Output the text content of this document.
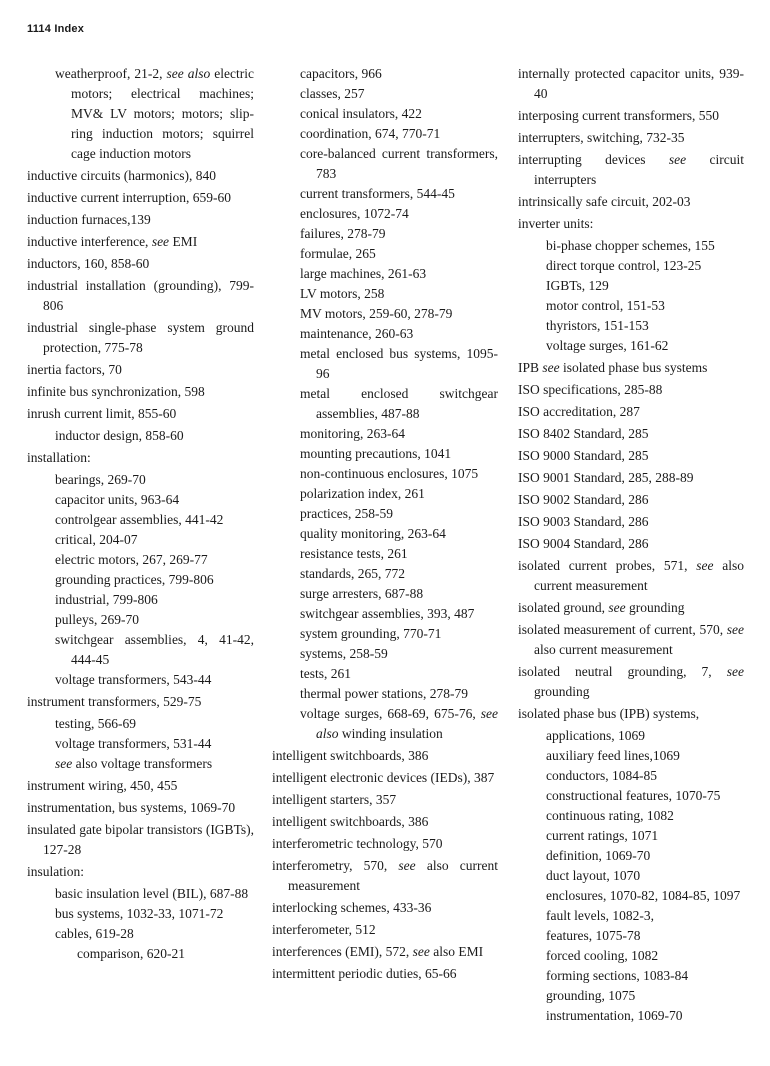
1114 Index
weatherproof, 21-2, see also electric motors; electrical machines; MV& LV motors; motors; slip-ring induction motors; squirrel cage induction motors
inductive circuits (harmonics), 840
inductive current interruption, 659-60
induction furnaces,139
inductive interference, see EMI
inductors, 160, 858-60
industrial installation (grounding), 799-806
industrial single-phase system ground protection, 775-78
inertia factors, 70
infinite bus synchronization, 598
inrush current limit, 855-60
inductor design, 858-60
installation:
bearings, 269-70
capacitor units, 963-64
controlgear assemblies, 441-42
critical, 204-07
electric motors, 267, 269-77
grounding practices, 799-806
industrial, 799-806
pulleys, 269-70
switchgear assemblies, 4, 41-42, 444-45
voltage transformers, 543-44
instrument transformers, 529-75
testing, 566-69
voltage transformers, 531-44
see also voltage transformers
instrument wiring, 450, 455
instrumentation, bus systems, 1069-70
insulated gate bipolar transistors (IGBTs), 127-28
insulation:
basic insulation level (BIL), 687-88
bus systems, 1032-33, 1071-72
cables, 619-28
comparison, 620-21
capacitors, 966
classes, 257
conical insulators, 422
coordination, 674, 770-71
core-balanced current transformers, 783
current transformers, 544-45
enclosures, 1072-74
failures, 278-79
formulae, 265
large machines, 261-63
LV motors, 258
MV motors, 259-60, 278-79
maintenance, 260-63
metal enclosed bus systems, 1095-96
metal enclosed switchgear assemblies, 487-88
monitoring, 263-64
mounting precautions, 1041
non-continuous enclosures, 1075
polarization index, 261
practices, 258-59
quality monitoring, 263-64
resistance tests, 261
standards, 265, 772
surge arresters, 687-88
switchgear assemblies, 393, 487
system grounding, 770-71
systems, 258-59
tests, 261
thermal power stations, 278-79
voltage surges, 668-69, 675-76, see also winding insulation
intelligent switchboards, 386
intelligent electronic devices (IEDs), 387
intelligent starters, 357
intelligent switchboards, 386
interferometric technology, 570
interferometry, 570, see also current measurement
interlocking schemes, 433-36
interferometer, 512
interferences (EMI), 572, see also EMI
intermittent periodic duties, 65-66
internally protected capacitor units, 939-40
interposing current transformers, 550
interrupters, switching, 732-35
interrupting devices see circuit interrupters
intrinsically safe circuit, 202-03
inverter units:
bi-phase chopper schemes, 155
direct torque control, 123-25
IGBTs, 129
motor control, 151-53
thyristors, 151-153
voltage surges, 161-62
IPB see isolated phase bus systems
ISO specifications, 285-88
ISO accreditation, 287
ISO 8402 Standard, 285
ISO 9000 Standard, 285
ISO 9001 Standard, 285, 288-89
ISO 9002 Standard, 286
ISO 9003 Standard, 286
ISO 9004 Standard, 286
isolated current probes, 571, see also current measurement
isolated ground, see grounding
isolated measurement of current, 570, see also current measurement
isolated neutral grounding, 7, see grounding
isolated phase bus (IPB) systems,
applications, 1069
auxiliary feed lines,1069
conductors, 1084-85
constructional features, 1070-75
continuous rating, 1082
current ratings, 1071
definition, 1069-70
duct layout, 1070
enclosures, 1070-82, 1084-85, 1097
fault levels, 1082-3,
features, 1075-78
forced cooling, 1082
forming sections, 1083-84
grounding, 1075
instrumentation, 1069-70
